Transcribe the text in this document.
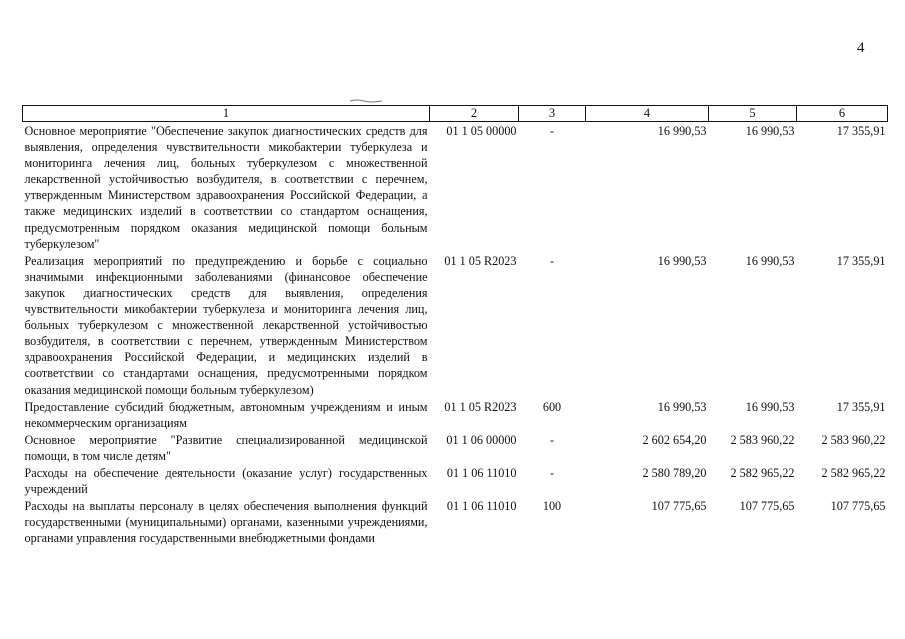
4
1	2	3	4	5	6
Основное мероприятие "Обеспечение закупок диагностических средств для выявления, определения чувствительности микобактерии туберкулеза и мониторинга лечения лиц, больных туберкулезом с множественной лекарственной устойчивостью возбудителя, в соответствии с перечнем, утвержденным Министерством здравоохранения Российской Федерации, а также медицинских изделий в соответствии со стандартом оснащения, предусмотренным порядком оказания медицинской помощи больным туберкулезом"	01 1 05 00000	-	16 990,53	16 990,53	17 355,91
Реализация мероприятий по предупреждению и борьбе с социально значимыми инфекционными заболеваниями (финансовое обеспечение закупок диагностических средств для выявления, определения чувствительности микобактерии туберкулеза и мониторинга лечения лиц, больных туберкулезом с множественной лекарственной устойчивостью возбудителя, в соответствии с перечнем, утвержденным Министерством здравоохранения Российской Федерации, и медицинских изделий в соответствии со стандартами оснащения, предусмотренными порядком оказания медицинской помощи больным туберкулезом)	01 1 05 R2023	-	16 990,53	16 990,53	17 355,91
Предоставление субсидий бюджетным, автономным учреждениям и иным некоммерческим организациям	01 1 05 R2023	600	16 990,53	16 990,53	17 355,91
Основное мероприятие "Развитие специализированной медицинской помощи, в том числе детям"	01 1 06 00000	-	2 602 654,20	2 583 960,22	2 583 960,22
Расходы на обеспечение деятельности (оказание услуг) государственных учреждений	01 1 06 11010	-	2 580 789,20	2 582 965,22	2 582 965,22
Расходы на выплаты персоналу в целях обеспечения выполнения функций государственными (муниципальными) органами, казенными учреждениями, органами управления государственными внебюджетными фондами	01 1 06 11010	100	107 775,65	107 775,65	107 775,65
